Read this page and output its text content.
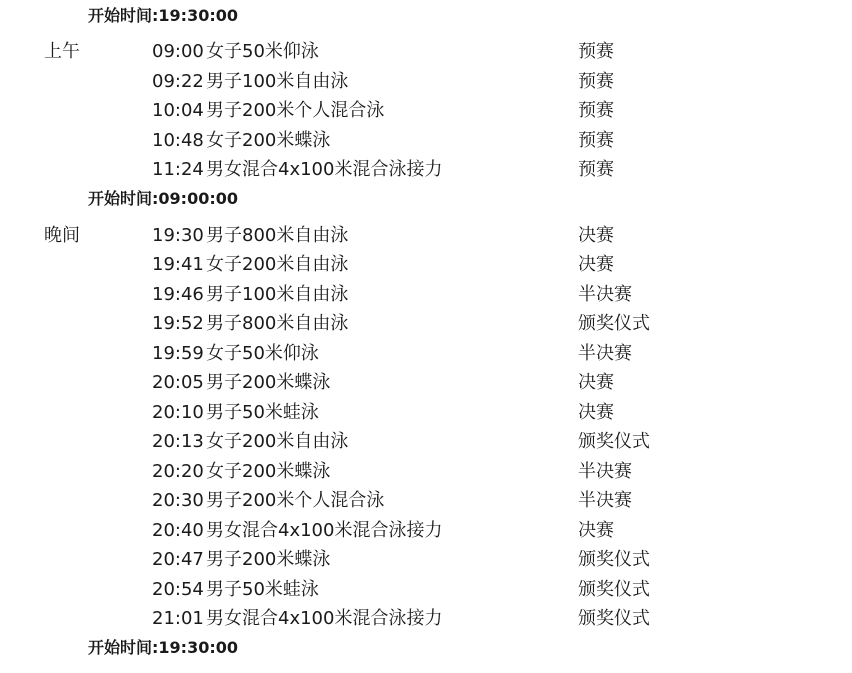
开始时间:19:30:00
上午	09:00 女子50米仰泳	预赛
09:22 男子100米自由泳	预赛
10:04 男子200米个人混合泳	预赛
10:48 女子200米蝶泳	预赛
11:24 男女混合4x100米混合泳接力	预赛
开始时间:09:00:00
晚间	19:30 男子800米自由泳	决赛
19:41 女子200米自由泳	决赛
19:46 男子100米自由泳	半决赛
19:52 男子800米自由泳	颁奖仪式
19:59 女子50米仰泳	半决赛
20:05 男子200米蝶泳	决赛
20:10 男子50米蛙泳	决赛
20:13 女子200米自由泳	颁奖仪式
20:20 女子200米蝶泳	半决赛
20:30 男子200米个人混合泳	半决赛
20:40 男女混合4x100米混合泳接力	决赛
20:47 男子200米蝶泳	颁奖仪式
20:54 男子50米蛙泳	颁奖仪式
21:01 男女混合4x100米混合泳接力	颁奖仪式
开始时间:19:30:00
